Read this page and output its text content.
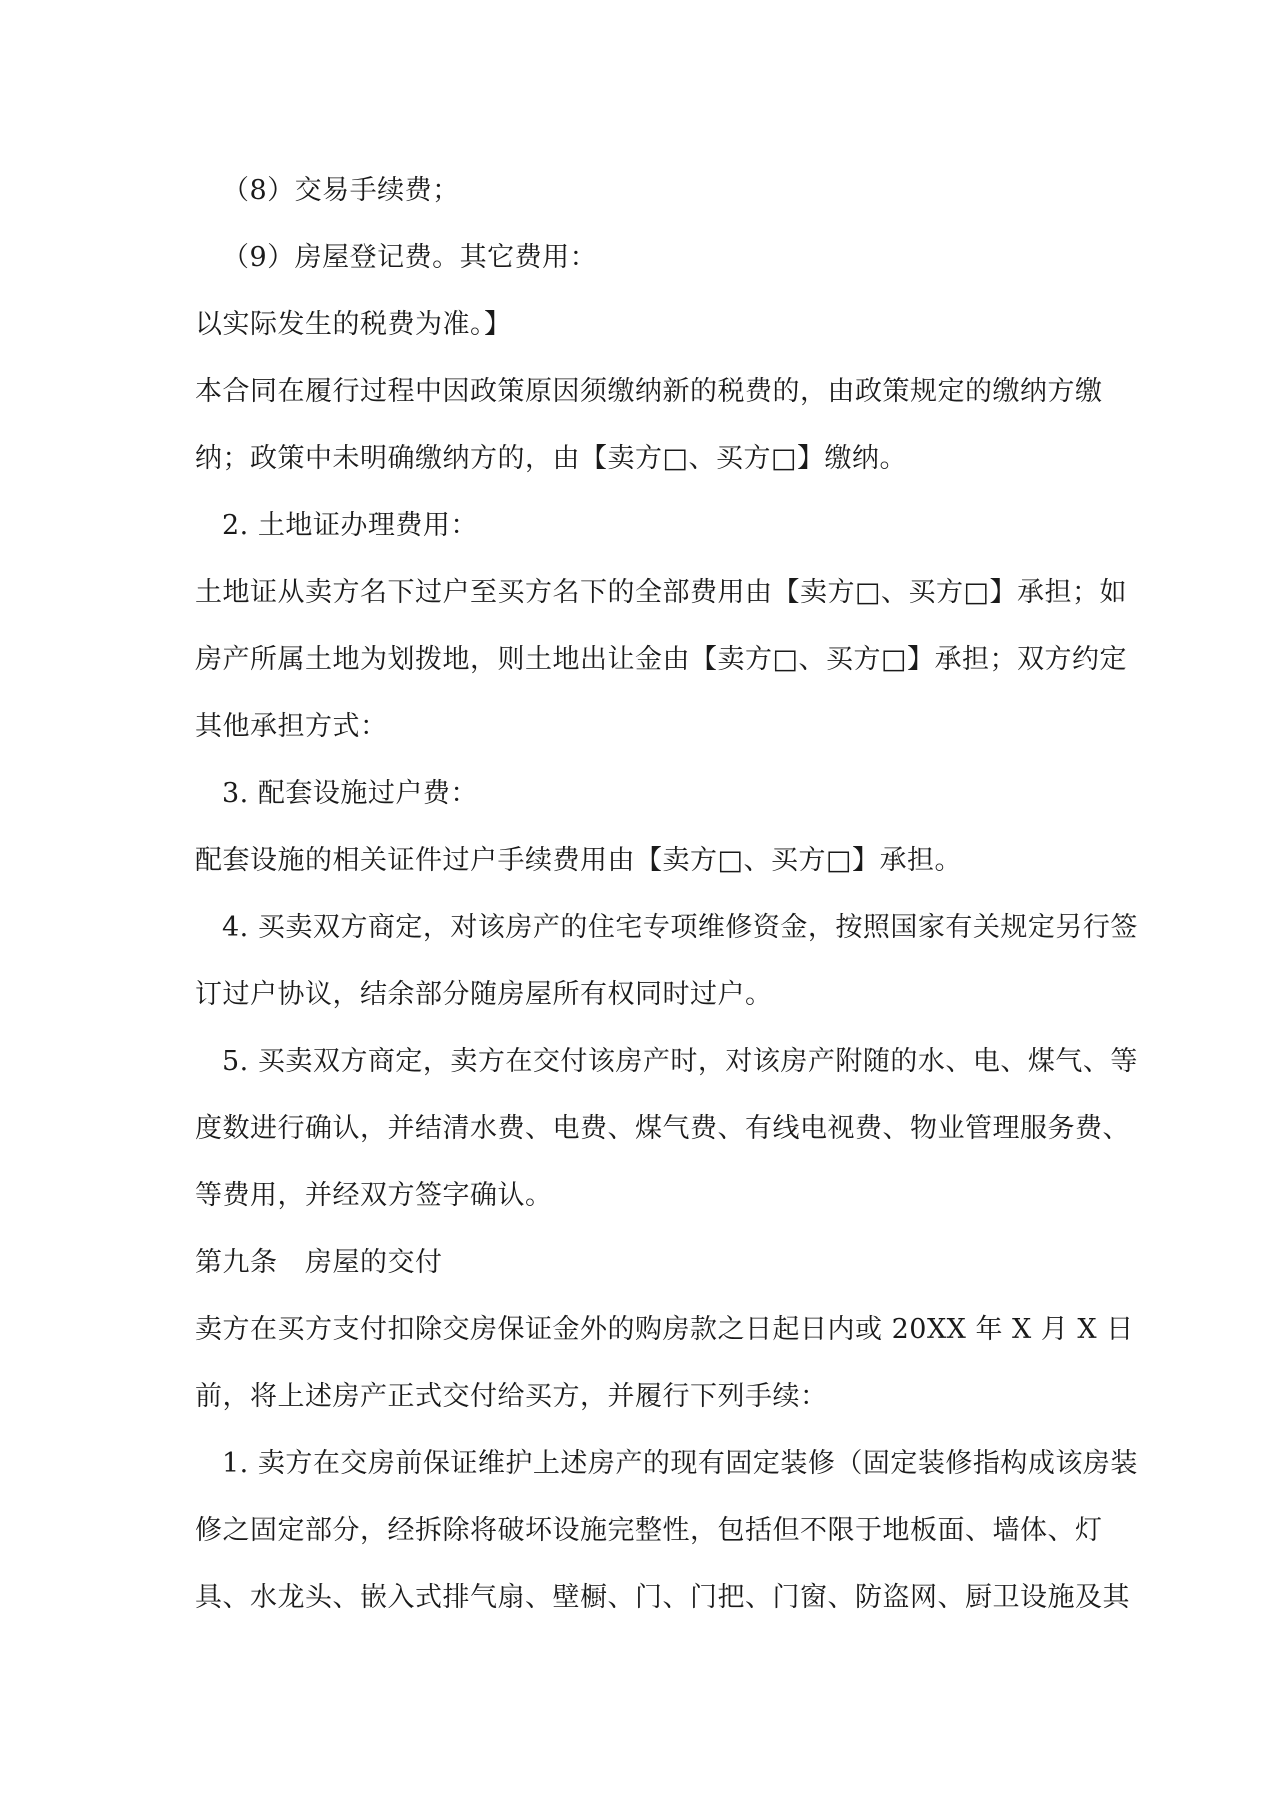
（8）交易手续费；
（9）房屋登记费。其它费用：
以实际发生的税费为准。】
本合同在履行过程中因政策原因须缴纳新的税费的，由政策规定的缴纳方缴
纳；政策中未明确缴纳方的，由【卖方□、买方□】缴纳。
2. 土地证办理费用：
土地证从卖方名下过户至买方名下的全部费用由【卖方□、买方□】承担；如
房产所属土地为划拨地，则土地出让金由【卖方□、买方□】承担；双方约定
其他承担方式：
3. 配套设施过户费：
配套设施的相关证件过户手续费用由【卖方□、买方□】承担。
4. 买卖双方商定，对该房产的住宅专项维修资金，按照国家有关规定另行签
订过户协议，结余部分随房屋所有权同时过户。
5. 买卖双方商定，卖方在交付该房产时，对该房产附随的水、电、煤气、等
度数进行确认，并结清水费、电费、煤气费、有线电视费、物业管理服务费、
等费用，并经双方签字确认。
第九条　房屋的交付
卖方在买方支付扣除交房保证金外的购房款之日起日内或 20XX 年 X 月 X 日
前，将上述房产正式交付给买方，并履行下列手续：
1. 卖方在交房前保证维护上述房产的现有固定装修（固定装修指构成该房装
修之固定部分，经拆除将破坏设施完整性，包括但不限于地板面、墙体、灯
具、水龙头、嵌入式排气扇、壁橱、门、门把、门窗、防盗网、厨卫设施及其
